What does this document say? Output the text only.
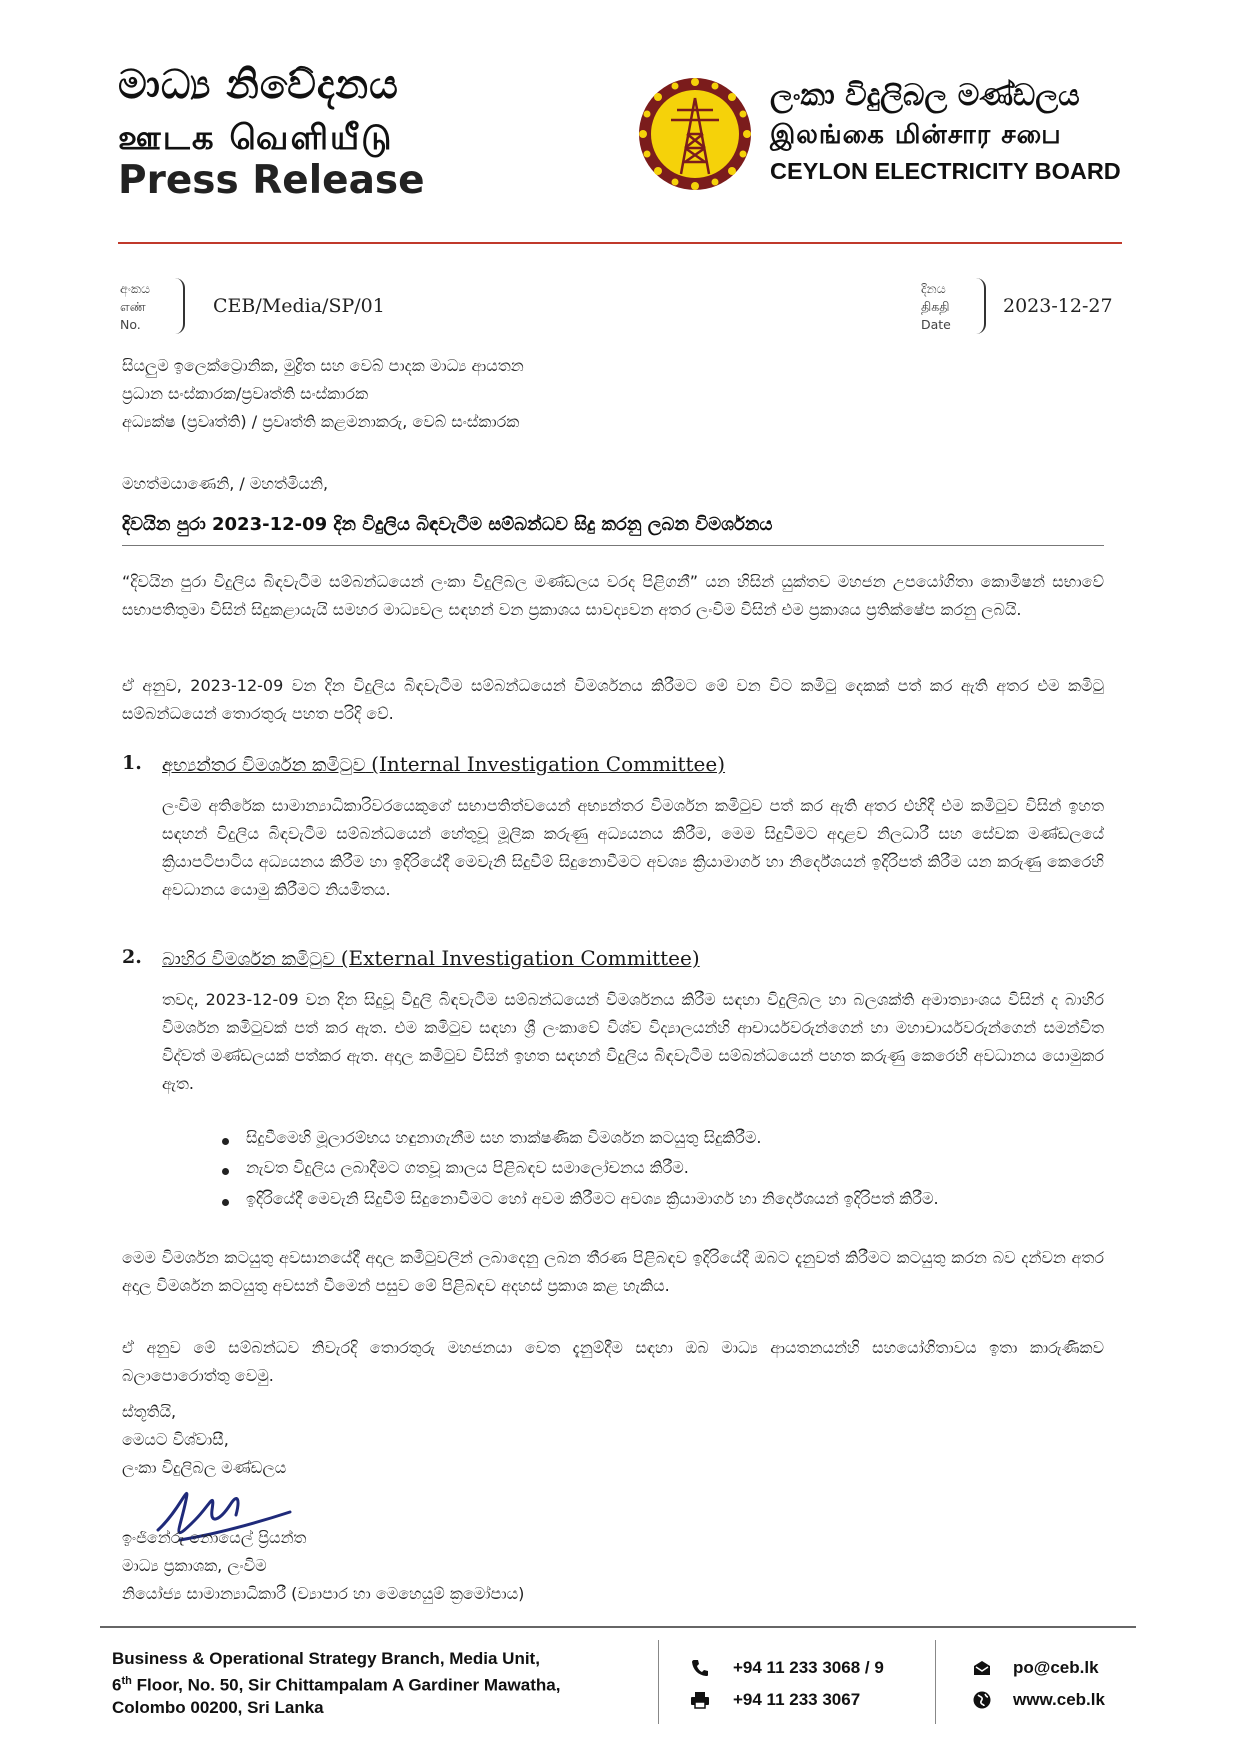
මාධ්‍ය නිවේදනය
ஊடக வெளியீடு
Press Release
ලංකා විදුලිබල මණ්ඩලය
இலங்கை மின்சார சபை
CEYLON ELECTRICITY BOARD
අංකය
எண்
No.
CEB/Media/SP/01
දිනය
திகதி
Date
2023-12-27
සියලුම ඉලෙක්ට්‍රොනික, මුද්‍රිත සහ වෙබ් පාදක මාධ්‍ය ආයතන
ප්‍රධාන සංස්කාරක/ප්‍රවෘත්ති සංස්කාරක
අධ්‍යක්ෂ (ප්‍රවෘත්ති) / ප්‍රවෘත්ති කළමනාකරු, වෙබ් සංස්කාරක
මහත්මයාණෙනි, / මහත්මියනි,
දිවයින පුරා 2023-12-09 දින විදුලිය බිඳවැටීම සම්බන්ධව සිදු කරනු ලබන විමර්ශනය
“දිවයින පුරා විදුලිය බිඳවැටීම සම්බන්ධයෙන් ලංකා විදුලිබල මණ්ඩලය වරද පිළිගනී” යන හිසින් යුක්තව මහජන උපයෝගිතා කොමිෂන් සභාවේ සභාපතිතුමා විසින් සිදුකළායැයි සමහර මාධ්‍යවල සඳහන් වන ප්‍රකාශය සාවද්‍යවන අතර ලංවිම විසින් එම ප්‍රකාශය ප්‍රතික්ෂේප කරනු ලබයි.
ඒ අනුව, 2023-12-09 වන දින විදුලිය බිඳවැටීම සම්බන්ධයෙන් විමර්ශනය කිරීමට මේ වන විට කමිටු දෙකක් පත් කර ඇති අතර එම කමිටු සම්බන්ධයෙන් තොරතුරු පහත පරිදි වේ.
1. අභ්‍යන්තර විමර්ශන කමිටුව (Internal Investigation Committee)
ලංවිම අතිරේක සාමාන්‍යාධිකාරිවරයෙකුගේ සභාපතිත්වයෙන් අභ්‍යන්තර විමර්ශන කමිටුව පත් කර ඇති අතර එහිදී එම කමිටුව විසින් ඉහත සඳහන් විදුලිය බිඳවැටීම සම්බන්ධයෙන් හේතුවූ මූලික කරුණු අධ්‍යයනය කිරීම, මෙම සිදුවීමට අදාළව නිලධාරී සහ සේවක මණ්ඩලයේ ක්‍රියාපටිපාටිය අධ්‍යයනය කිරීම හා ඉදිරියේදී මෙවැනි සිදුවීම් සිදුනොවීමට අවශ්‍ය ක්‍රියාමාර්ග හා නිර්දේශයන් ඉදිරිපත් කිරීම යන කරුණු කෙරෙහි අවධානය යොමු කිරීමට නියමිතය.
2. බාහිර විමර්ශන කමිටුව (External Investigation Committee)
තවද, 2023-12-09 වන දින සිදුවූ විදුලි බිඳවැටීම සම්බන්ධයෙන් විමර්ශනය කිරීම සඳහා විදුලිබල හා බලශක්ති අමාත්‍යාංශය විසින් ද බාහිර විමර්ශන කමිටුවක් පත් කර ඇත. එම කමිටුව සඳහා ශ්‍රී ලංකාවේ විශ්ව විද්‍යාලයන්හි ආචාර්යවරුන්ගෙන් හා මහාචාර්යවරුන්ගෙන් සමන්විත විද්වත් මණ්ඩලයක් පත්කර ඇත. අදාල කමිටුව විසින් ඉහත සඳහන් විදුලිය බිඳවැටීම සම්බන්ධයෙන් පහත කරුණු කෙරෙහි අවධානය යොමුකර ඇත.
සිදුවීමෙහි මූලාරම්භය හඳුනාගැනීම සහ තාක්ෂණික විමර්ශන කටයුතු සිදුකිරීම.
නැවත විදුලිය ලබාදීමට ගතවූ කාලය පිළිබඳව සමාලෝචනය කිරීම.
ඉදිරියේදී මෙවැනි සිදුවීම් සිදුනොවීමට හෝ අවම කිරීමට අවශ්‍ය ක්‍රියාමාර්ග හා නිර්දේශයන් ඉදිරිපත් කිරීම.
මෙම විමර්ශන කටයුතු අවසානයේදී අදාල කමිටුවලින් ලබාදෙනු ලබන තීරණ පිළිබඳව ඉදිරියේදී ඔබට දැනුවත් කිරීමට කටයුතු කරන බව දන්වන අතර අදාල විමර්ශන කටයුතු අවසන් වීමෙන් පසුව මේ පිළිබඳව අදහස් ප්‍රකාශ කළ හැකිය.
ඒ අනුව මේ සම්බන්ධව නිවැරදි තොරතුරු මහජනයා වෙත දැනුම්දීම සඳහා ඔබ මාධ්‍ය ආයතනයන්හි සහයෝගිතාවය ඉතා කාරුණිකව බලාපොරොත්තු වෙමු.
ස්තූතියි,
මෙයට විශ්වාසී,
ලංකා විදුලිබල මණ්ඩලය
ඉංජිනේරු නොයෙල් ප්‍රියන්ත
මාධ්‍ය ප්‍රකාශක, ලංවිම
නියෝජ්‍ය සාමාන්‍යාධිකාරී (ව්‍යාපාර හා මෙහෙයුම් ක්‍රමෝපාය)
Business & Operational Strategy Branch, Media Unit,
6th Floor, No. 50, Sir Chittampalam A Gardiner Mawatha,
Colombo 00200, Sri Lanka
+94 11 233 3068 / 9
+94 11 233 3067
po@ceb.lk
www.ceb.lk
